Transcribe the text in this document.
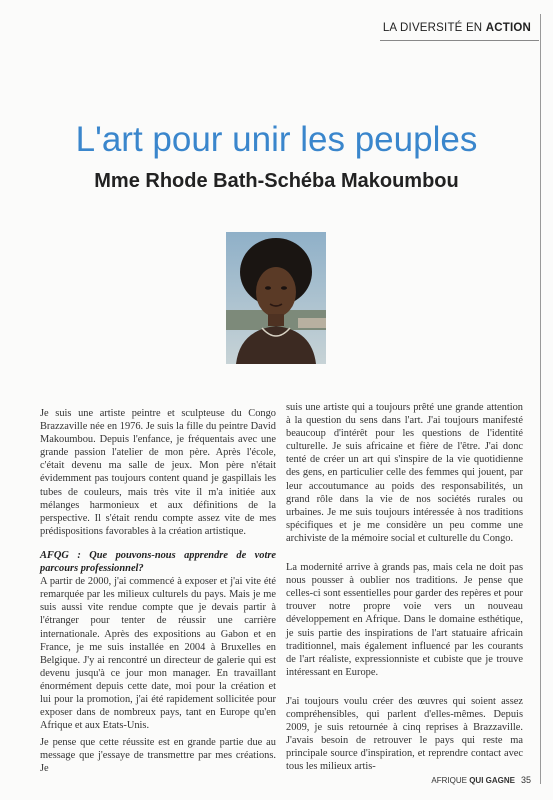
LA DIVERSITÉ EN ACTION
L'art pour unir les peuples
Mme Rhode Bath-Schéba Makoumbou

Je suis une artiste peintre et sculpteuse du Congo Brazzaville née en 1976. Je suis la fille du peintre David Makoumbou. Depuis l'enfance, je fréquentais avec une grande passion l'atelier de mon père. Après l'école, c'était devenu ma salle de jeux. Mon père n'était évidemment pas toujours content quand je gaspillais les tubes de couleurs, mais très vite il m'a initiée aux mélanges harmonieux et aux définitions de la perspective. Il s'était rendu compte assez vite de mes prédispositions favorables à la création artistique.

AFQG : Que pouvons-nous apprendre de votre parcours professionnel?

A partir de 2000, j'ai commencé à exposer et j'ai vite été remarquée par les milieux culturels du pays. Mais je me suis aussi vite rendue compte que je devais partir à l'étranger pour tenter de réussir une carrière internationale. Après des expositions au Gabon et en France, je me suis installée en 2004 à Bruxelles en Belgique. J'y ai rencontré un directeur de galerie qui est devenu jusqu'à ce jour mon manager. En travaillant énormément depuis cette date, moi pour la création et lui pour la promotion, j'ai été rapidement sollicitée pour exposer dans de nombreux pays, tant en Europe qu'en Afrique et aux Etats-Unis.

Je pense que cette réussite est en grande partie due au message que j'essaye de transmettre par mes créations. Je

suis une artiste qui a toujours prêté une grande attention à la question du sens dans l'art. J'ai toujours manifesté beaucoup d'intérêt pour les questions de l'identité culturelle. Je suis africaine et fière de l'être. J'ai donc tenté de créer un art qui s'inspire de la vie quotidienne des gens, en particulier celle des femmes qui jouent, par leur accoutumance au poids des responsabilités, un grand rôle dans la vie de nos sociétés rurales ou urbaines. Je me suis toujours intéressée à nos traditions spécifiques et je me considère un peu comme une archiviste de la mémoire social et culturelle du Congo.

La modernité arrive à grands pas, mais cela ne doit pas nous pousser à oublier nos traditions. Je pense que celles-ci sont essentielles pour garder des repères et pour trouver notre propre voie vers un nouveau développement en Afrique. Dans le domaine esthétique, je suis partie des inspirations de l'art statuaire africain traditionnel, mais également influencé par les courants de l'art réaliste, expressionniste et cubiste que je trouve intéressant en Europe.

J'ai toujours voulu créer des œuvres qui soient assez compréhensibles, qui parlent d'elles-mêmes. Depuis 2009, je suis retournée à cinq reprises à Brazzaville. J'avais besoin de retrouver le pays qui reste ma principale source d'inspiration, et reprendre contact avec tous les milieux artis-

AFRIQUE QUI GAGNE 35
